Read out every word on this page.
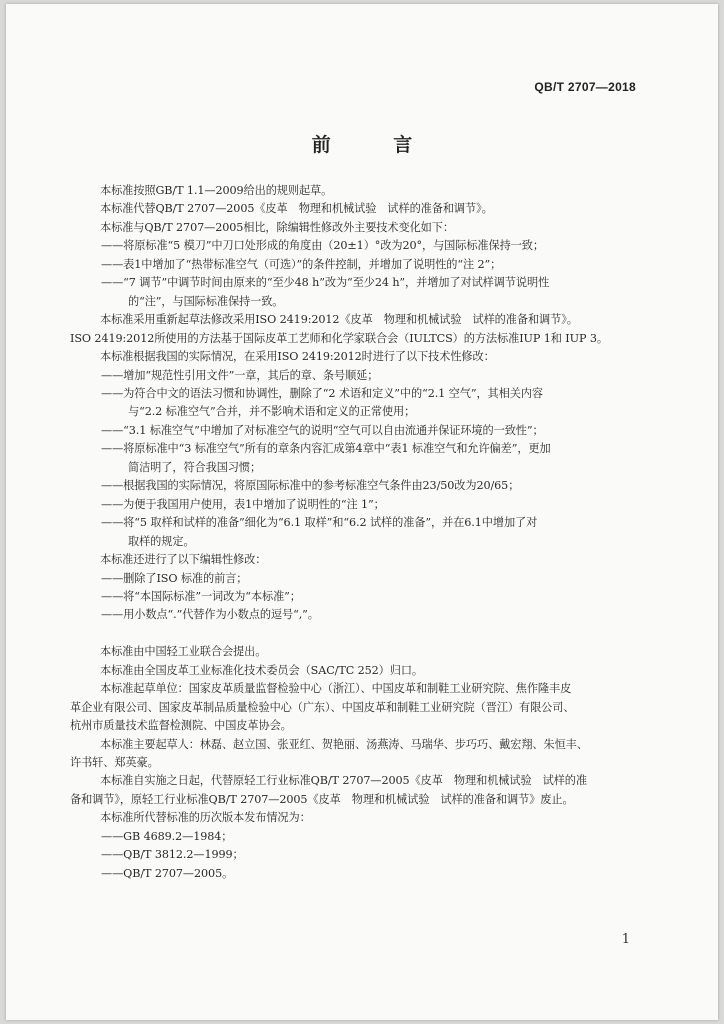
QB/T 2707—2018
前 言
本标准按照GB/T 1.1—2009给出的规则起草。
本标准代替QB/T 2707—2005《皮革　物理和机械试验　试样的准备和调节》。
本标准与QB/T 2707—2005相比，除编辑性修改外主要技术变化如下：
——将原标准“5 模刀”中刀口处形成的角度由（20±1）°改为20°，与国际标准保持一致；
——表1中增加了“热带标准空气（可选）”的条件控制，并增加了说明性的“注 2”；
——“7 调节”中调节时间由原来的“至少48 h”改为“至少24 h”，并增加了对试样调节说明性
的“注”，与国际标准保持一致。
本标准采用重新起草法修改采用ISO 2419:2012《皮革　物理和机械试验　试样的准备和调节》。
ISO 2419:2012所使用的方法基于国际皮革工艺师和化学家联合会（IULTCS）的方法标准IUP 1和 IUP 3。
本标准根据我国的实际情况，在采用ISO 2419:2012时进行了以下技术性修改：
——增加“规范性引用文件”一章，其后的章、条号顺延；
——为符合中文的语法习惯和协调性，删除了“2 术语和定义”中的“2.1 空气”，其相关内容
与“2.2 标准空气”合并，并不影响术语和定义的正常使用；
——“3.1 标准空气”中增加了对标准空气的说明“空气可以自由流通并保证环境的一致性”；
——将原标准中“3 标准空气”所有的章条内容汇成第4章中“表1 标准空气和允许偏差”，更加
简洁明了，符合我国习惯；
——根据我国的实际情况，将原国际标准中的参考标准空气条件由23/50改为20/65；
——为便于我国用户使用，表1中增加了说明性的“注 1”；
——将“5 取样和试样的准备”细化为“6.1 取样”和“6.2 试样的准备”，并在6.1中增加了对
取样的规定。
本标准还进行了以下编辑性修改：
——删除了ISO 标准的前言；
——将“本国际标准”一词改为“本标准”；
——用小数点“.”代替作为小数点的逗号“,”。
本标准由中国轻工业联合会提出。
本标准由全国皮革工业标准化技术委员会（SAC/TC 252）归口。
本标准起草单位：国家皮革质量监督检验中心（浙江）、中国皮革和制鞋工业研究院、焦作隆丰皮
革企业有限公司、国家皮革制品质量检验中心（广东）、中国皮革和制鞋工业研究院（晋江）有限公司、
杭州市质量技术监督检测院、中国皮革协会。
本标准主要起草人：林磊、赵立国、张亚红、贺艳丽、汤燕涛、马瑞华、步巧巧、戴宏翔、朱恒丰、
许书轩、郑英豪。
本标准自实施之日起，代替原轻工行业标准QB/T 2707—2005《皮革　物理和机械试验　试样的准
备和调节》，原轻工行业标准QB/T 2707—2005《皮革　物理和机械试验　试样的准备和调节》废止。
本标准所代替标准的历次版本发布情况为：
——GB 4689.2—1984；
——QB/T 3812.2—1999；
——QB/T 2707—2005。
1
